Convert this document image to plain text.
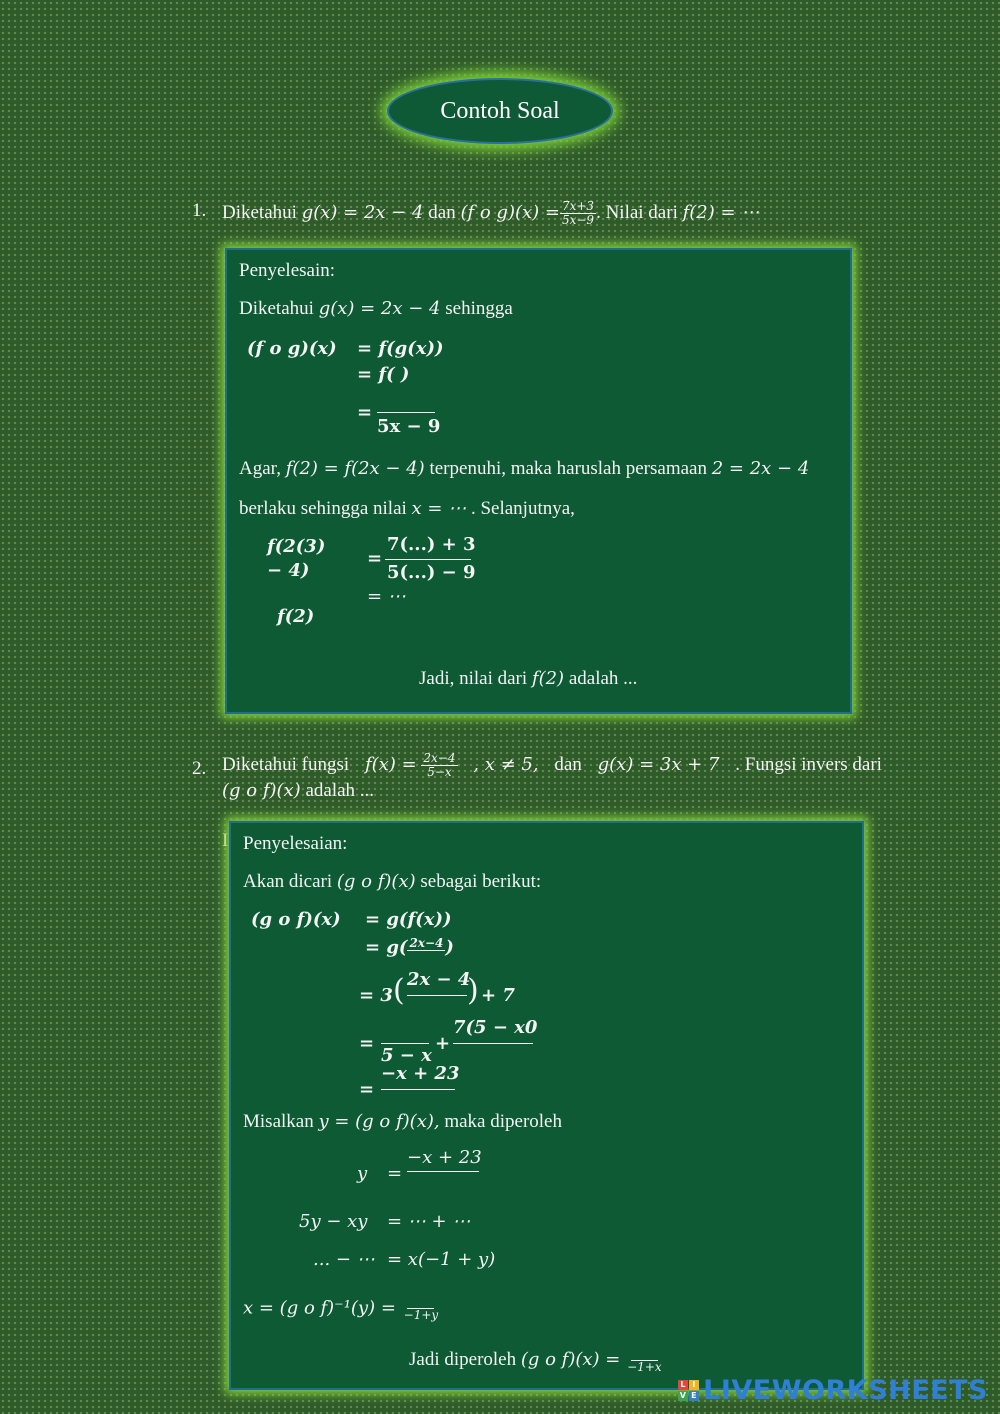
Contoh Soal
1. Diketahui g(x) = 2x − 4 dan (f o $g)(x) = \frac{7x+3}{5x-9}$ . Nilai dari f(2) = ⋯
Penyelesain:
Diketahui g(x) = 2x − 4 sehingga
(f o g)(x) = f(g(x))
= f( )
=
5x − 9
Agar, f(2) = f(2x − 4) terpenuhi, maka haruslah persamaan 2 = 2x − 4
berlaku sehingga nilai x = ⋯ . Selanjutnya,
f(2(3)
− 4)
=
7(...) + 3
5(...) − 9
= ⋯
f(2)
Jadi, nilai dari f(2) adalah ...
2. Diketahui fungsi $f(x) = \frac{2x-4}{5-x}$ , x ≠ 5, dan g(x) = 3x + 7 . Fungsi invers dari
(g o f)(x) adalah ...
I Penyelesaian:
Akan dicari (g o f)(x) sebagai berikut:
(g o f)(x) = g(f(x))
= g( 2x−4
)
= 3 ( 2x − 4
) + 7
=
5 − x
+
7(5 − x0
−x + 23
=
Misalkan y = (g o f)(x), maka diperoleh
y =
−x + 23
5y − xy = ⋯ + ⋯
... − ⋯ = x(−1 + y)
x = (g o f)⁻¹(y) =
−1+y
Jadi diperoleh (g o f)(x) =
−1+x
L I
V E LIVEWORKSHEETS
